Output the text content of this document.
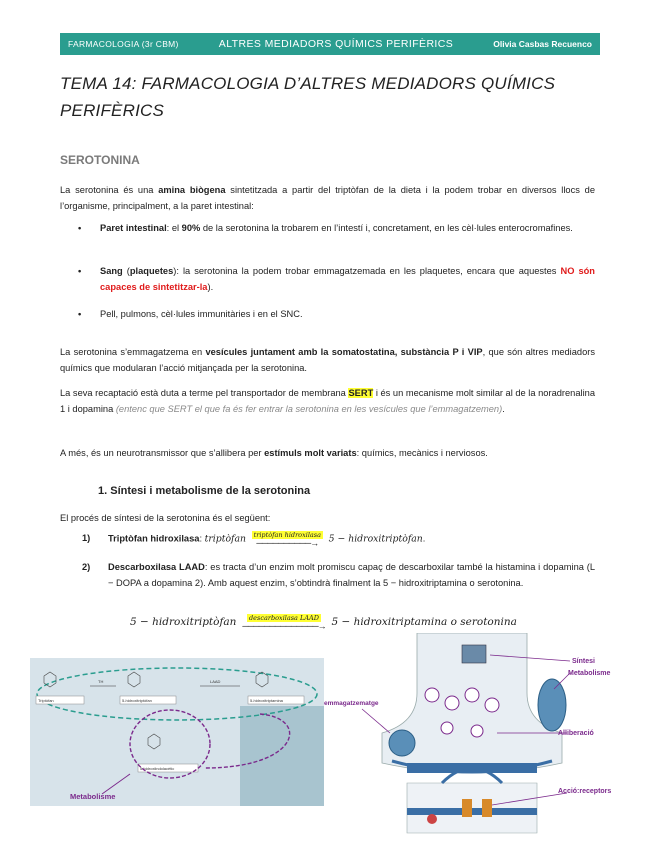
FARMACOLOGIA (3r CBM)	ALTRES MEDIADORS QUÍMICS PERIFÈRICS	Olivia Casbas Recuenco
TEMA 14: FARMACOLOGIA D’ALTRES MEDIADORS QUÍMICS PERIFÈRICS
SEROTONINA
La serotonina és una amina biògena sintetitzada a partir del triptòfan de la dieta i la podem trobar en diversos llocs de l’organisme, principalment, a la paret intestinal:
•	Paret intestinal: el 90% de la serotonina la trobarem en l’intestí i, concretament, en les cèl·lules enterocromafines.
•	Sang (plaquetes): la serotonina la podem trobar emmagatzemada en les plaquetes, encara que aquestes NO són capaces de sintetitzar-la).
•	Pell, pulmons, cèl·lules immunitàries i en el SNC.
La serotonina s’emmagatzema en vesícules juntament amb la somatostatina, substància P i VIP, que són altres mediadors químics que modularan l’acció mitjançada per la serotonina.
La seva recaptació està duta a terme pel transportador de membrana SERT i és un mecanisme molt similar al de la noradrenalina 1 i dopamina (entenc que SERT el que fa és fer entrar la serotonina en les vesícules que l’emmagatzemen).
A més, és un neurotransmissor que s’allibera per estímuls molt variats: químics, mecànics i nerviosos.
1. Síntesi i metabolisme de la serotonina
El procés de síntesi de la serotonina és el següent:
1) Triptòfan hidroxilasa: triptòfan	triptòfan hidroxilasa
──────────→ 5 − hidroxitriptòfan.
2) Descarboxilasa LAAD: es tracta d’un enzim molt promiscu capaç de descarboxilar també la histamina i dopamina (L − DOPA a dopamina 2). Amb aquest enzim, s’obtindrà finalment la 5 − hidroxitriptamina o serotonina.
5 − hidroxitriptòfan	descarboxilasa LAAD
──────────────→ 5 − hidroxitriptamina o serotonina
Triptòfan	5-hidroxitriptòfan	5-hidroxitriptamina
5-hidroxiindolacètic
TH	LAAD
Metabolisme
Síntesi
Metabolisme
emmagatzematge
Alliberació
Acció:receptors
